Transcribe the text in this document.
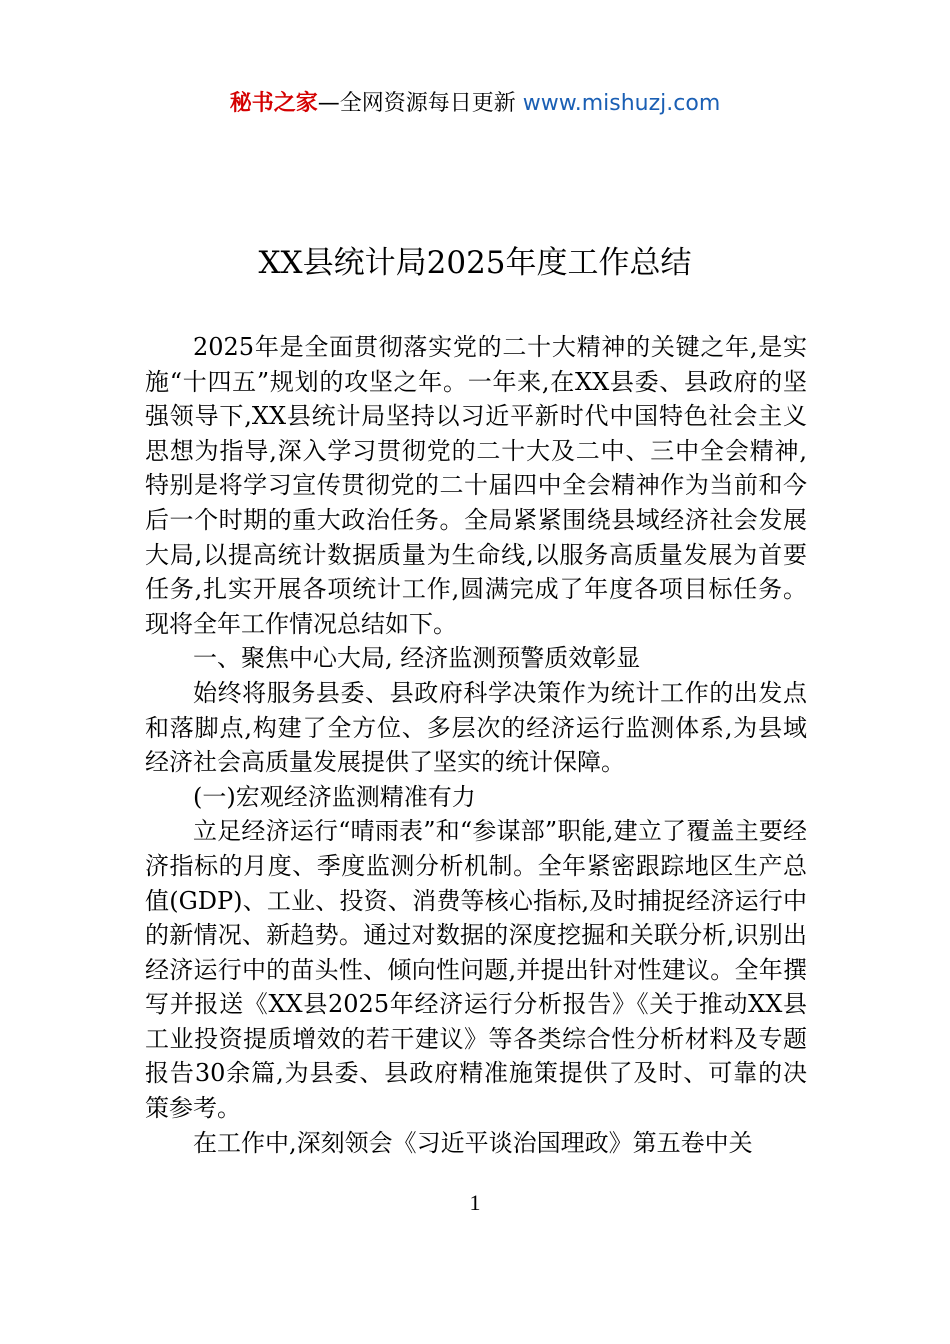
秘书之家—全网资源每日更新 www.mishuzj.com
XX县统计局2025年度工作总结

2025年是全面贯彻落实党的二十大精神的关键之年,是实施“十四五”规划的攻坚之年。一年来,在XX县委、县政府的坚强领导下,XX县统计局坚持以习近平新时代中国特色社会主义思想为指导,深入学习贯彻党的二十大及二中、三中全会精神,特别是将学习宣传贯彻党的二十届四中全会精神作为当前和今后一个时期的重大政治任务。全局紧紧围绕县域经济社会发展大局,以提高统计数据质量为生命线,以服务高质量发展为首要任务,扎实开展各项统计工作,圆满完成了年度各项目标任务。现将全年工作情况总结如下。

一、聚焦中心大局, 经济监测预警质效彰显

始终将服务县委、县政府科学决策作为统计工作的出发点和落脚点,构建了全方位、多层次的经济运行监测体系,为县域经济社会高质量发展提供了坚实的统计保障。

(一)宏观经济监测精准有力

立足经济运行“晴雨表”和“参谋部”职能,建立了覆盖主要经济指标的月度、季度监测分析机制。全年紧密跟踪地区生产总值(GDP)、工业、投资、消费等核心指标,及时捕捉经济运行中的新情况、新趋势。通过对数据的深度挖掘和关联分析,识别出经济运行中的苗头性、倾向性问题,并提出针对性建议。全年撰写并报送《XX县2025年经济运行分析报告》《关于推动XX县工业投资提质增效的若干建议》等各类综合性分析材料及专题报告30余篇,为县委、县政府精准施策提供了及时、可靠的决策参考。

在工作中,深刻领会《习近平谈治国理政》第五卷中关

1
